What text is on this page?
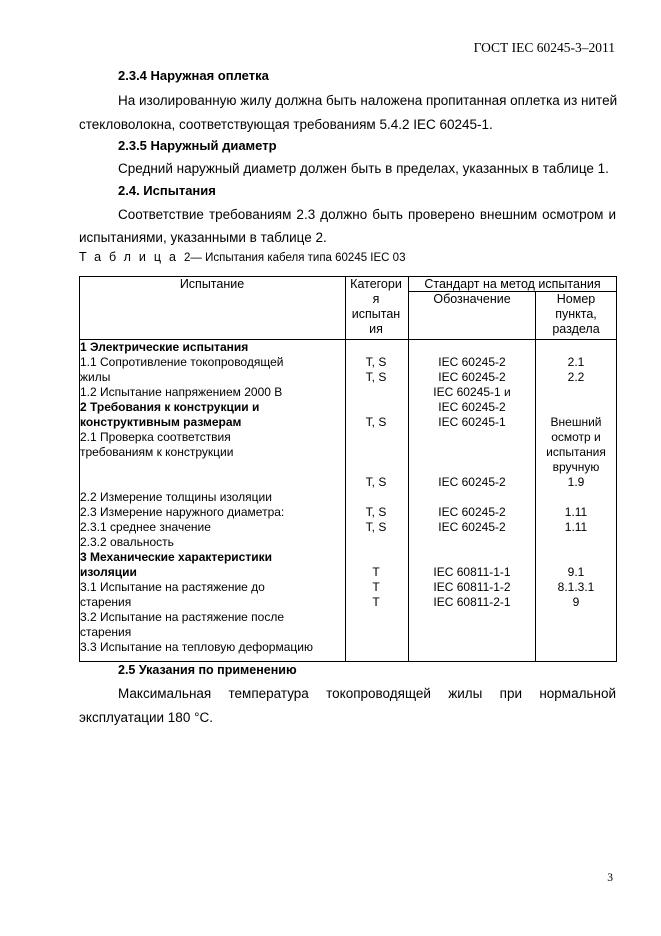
ГОСТ IEC 60245-3–2011
2.3.4 Наружная оплетка
На изолированную жилу должна быть наложена пропитанная оплетка из нитей
стекловолокна, соответствующая требованиям 5.4.2 IEC 60245-1.
2.3.5 Наружный диаметр
Средний наружный диаметр должен быть в пределах, указанных в таблице 1.
2.4. Испытания
Соответствие требованиям 2.3 должно быть проверено внешним осмотром и
испытаниями, указанными в таблице 2.
Таблица2— Испытания кабеля типа 60245 IEC 03
Испытание	Категори
я
испытан
ия
Стандарт на метод испытания
Обозначение	Номер
пункта,
раздела
1 Электрические испытания
1.1 Сопротивление токопроводящей
жилы
1.2 Испытание напряжением 2000 В
2 Требования к конструкции и
конструктивным размерам
2.1 Проверка соответствия
требованиям к конструкции
2.2 Измерение толщины изоляции
2.3 Измерение наружного диаметра:
2.3.1 среднее значение
2.3.2 овальность
3 Механические характеристики
изоляции
3.1 Испытание на растяжение до
старения
3.2 Испытание на растяжение после
старения
3.3 Испытание на тепловую деформацию
T, S
T, S
T, S
T, S
T, S
T, S
T
T
T
IEC 60245-2
IEC 60245-2
IEC 60245-1 и
IEC 60245-2
IEC 60245-1
IEC 60245-2
IEC 60245-2
IEC 60245-2
IEC 60811-1-1
IEC 60811-1-2
IEC 60811-2-1
2.1
2.2
Внешний
осмотр и
испытания
вручную
1.9
1.11
1.11
9.1
8.1.3.1
9
2.5 Указания по применению
Максимальная температура токопроводящей жилы при нормальной
эксплуатации 180 °C.
3
